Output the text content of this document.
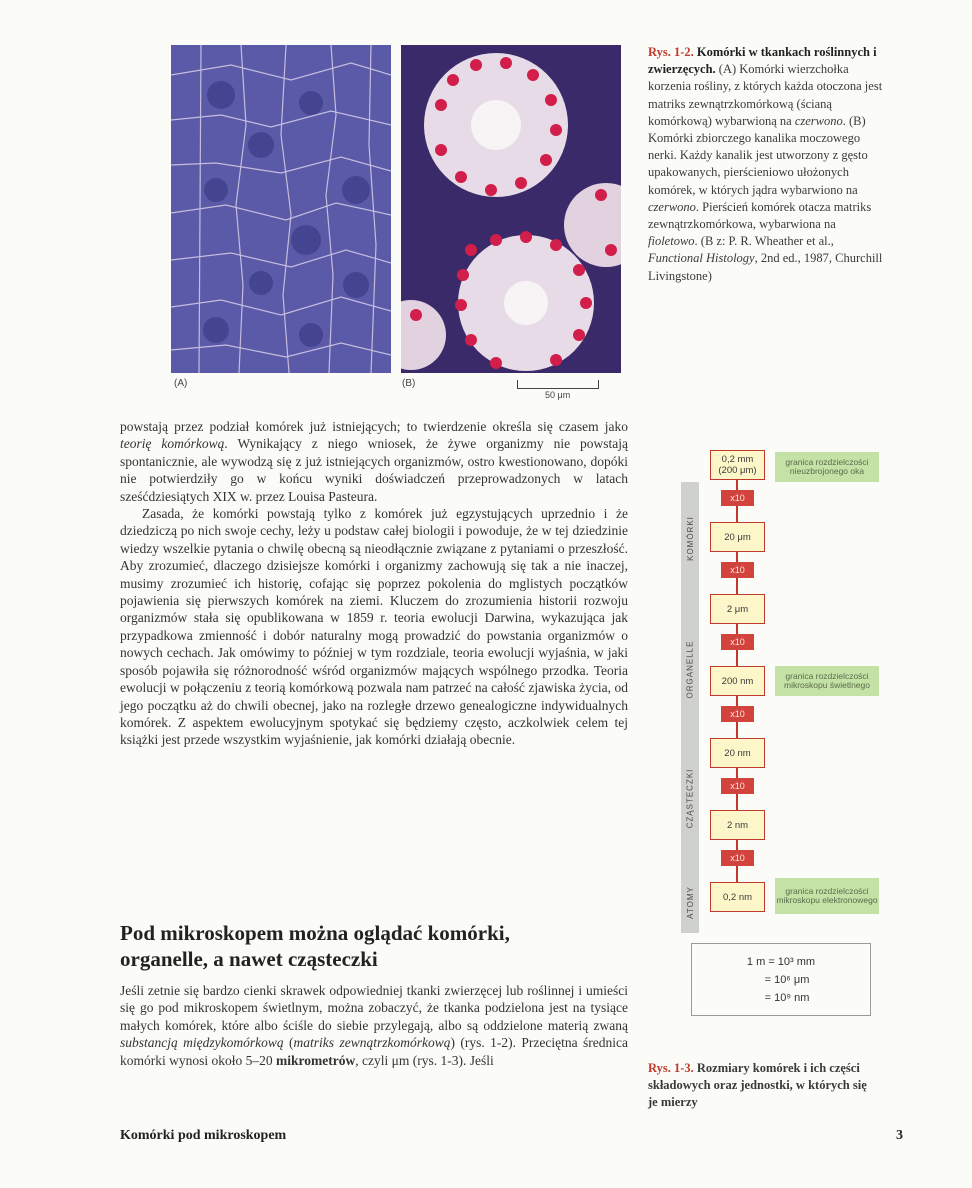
(A)	(B)
50 μm
Rys. 1-2. Komórki w tkankach roślinnych i zwierzęcych. (A) Komórki wierzchołka korzenia rośliny, z których każda otoczona jest matriks zewnątrzkomórkową (ścianą komórkową) wybarwioną na czerwono. (B) Komórki zbiorczego kanalika moczowego nerki. Każdy kanalik jest utworzony z gęsto upakowanych, pierścieniowo ułożonych komórek, w których jądra wybarwiono na czerwono. Pierścień komórek otacza matriks zewnątrzkomórkowa, wybarwiona na fioletowo. (B z: P. R. Wheather et al., Functional Histology, 2nd ed., 1987, Churchill Livingstone)

powstają przez podział komórek już istniejących; to twierdzenie określa się czasem jako teorię komórkową. Wynikający z niego wniosek, że żywe organizmy nie powstają spontanicznie, ale wywodzą się z już istniejących organizmów, ostro kwestionowano, dopóki nie potwierdziły go w końcu wyniki doświadczeń przeprowadzonych w latach sześćdziesiątych XIX w. przez Louisa Pasteura.

Zasada, że komórki powstają tylko z komórek już egzystujących uprzednio i że dziedziczą po nich swoje cechy, leży u podstaw całej biologii i powoduje, że w tej dziedzinie wiedzy wszelkie pytania o chwilę obecną są nieodłącznie związane z pytaniami o przeszłość. Aby zrozumieć, dlaczego dzisiejsze komórki i organizmy zachowują się tak a nie inaczej, musimy zrozumieć ich historię, cofając się poprzez pokolenia do mglistych początków pojawienia się pierwszych komórek na ziemi. Kluczem do zrozumienia historii rozwoju organizmów stała się opublikowana w 1859 r. teoria ewolucji Darwina, wykazująca jak przypadkowa zmienność i dobór naturalny mogą prowadzić do powstania organizmów o nowych cechach. Jak omówimy to później w tym rozdziale, teoria ewolucji wyjaśnia, w jaki sposób pojawiła się różnorodność wśród organizmów mających wspólnego przodka. Teoria ewolucji w połączeniu z teorią komórkową pozwala nam patrzeć na całość zjawiska życia, od jego początku aż do chwili obecnej, jako na rozległe drzewo genealogiczne indywidualnych komórek. Z aspektem ewolucyjnym spotykać się będziemy często, aczkolwiek celem tej książki jest przede wszystkim wyjaśnienie, jak komórki działają obecnie.

Pod mikroskopem można oglądać komórki, organelle, a nawet cząsteczki

Jeśli zetnie się bardzo cienki skrawek odpowiedniej tkanki zwierzęcej lub roślinnej i umieści się go pod mikroskopem świetlnym, można zobaczyć, że tkanka podzielona jest na tysiące małych komórek, które albo ściśle do siebie przylegają, albo są oddzielone materią zwaną substancją międzykomórkową (matriks zewnątrzkomórkową) (rys. 1-2). Przeciętna średnica komórki wynosi około 5–20 mikrometrów, czyli μm (rys. 1-3). Jeśli

KOMÓRKI
ORGANELLE
CZĄSTECZKI
ATOMY
0,2 mm (200 μm)
x10
20 μm
x10
2 μm
x10
200 nm
x10
20 nm
x10
2 nm
x10
0,2 nm
granica rozdzielczości nieuzbrojonego oka
granica rozdzielczości mikroskopu świetlnego
granica rozdzielczości mikroskopu elektronowego
1 m = 10³ mm
= 10⁶ μm
= 10⁹ nm
Rys. 1-3. Rozmiary komórek i ich części składowych oraz jednostki, w których się je mierzy
Komórki pod mikroskopem	3
